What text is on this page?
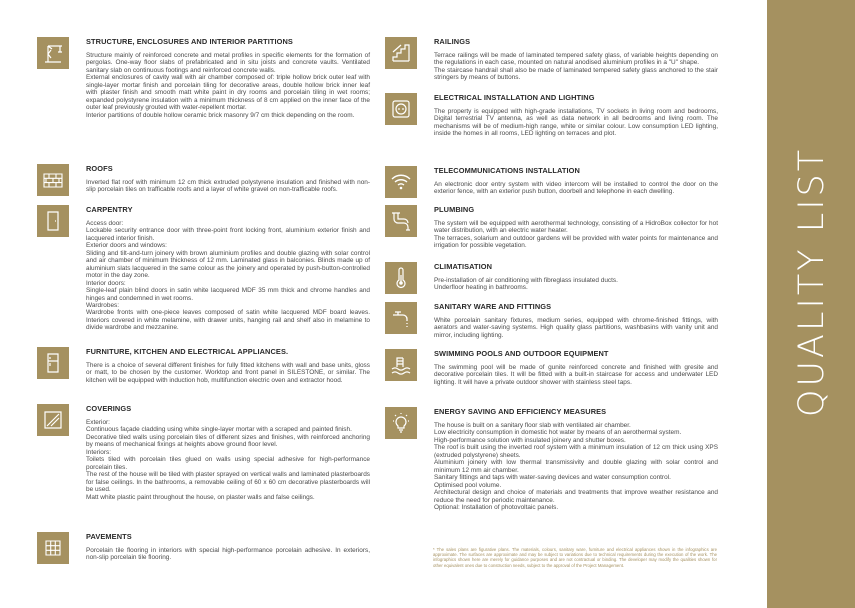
QUALITY LIST
STRUCTURE, ENCLOSURES AND INTERIOR PARTITIONS

Structure mainly of reinforced concrete and metal profiles in specific elements for the formation of pergolas. One-way floor slabs of prefabricated and in situ joists and concrete vaults. Ventilated sanitary slab on continuous footings and reinforced concrete walls.

External enclosures of cavity wall with air chamber composed of: triple hollow brick outer leaf with single-layer mortar finish and porcelain tiling for decorative areas, double hollow brick inner leaf with plaster finish and smooth matt white paint in dry rooms and porcelain tiling in wet rooms; expanded polystyrene insulation with a minimum thickness of 8 cm applied on the inner face of the outer leaf previously grouted with water-repellent mortar.

Interior partitions of double hollow ceramic brick masonry 9/7 cm thick depending on the room.

ROOFS

Inverted flat roof with minimum 12 cm thick extruded polystyrene insulation and finished with non-slip porcelain tiles on trafficable roofs and a layer of white gravel on non-trafficable roofs.

CARPENTRY

Access door:

Lockable security entrance door with three-point front locking front, aluminium exterior finish and lacquered interior finish.

Exterior doors and windows:

Sliding and tilt-and-turn joinery with brown aluminium profiles and double glazing with solar control and air chamber of minimum thickness of 12 mm. Laminated glass in balconies. Blinds made up of aluminium slats lacquered in the same colour as the joinery and operated by push-button-controlled motor in the day zone.

Interior doors:

Single-leaf plain blind doors in satin white lacquered MDF 35 mm thick and chrome handles and hinges and condemned in wet rooms.

Wardrobes:

Wardrobe fronts with one-piece leaves composed of satin white lacquered MDF board leaves. Interiors covered in white melamine, with drawer units, hanging rail and shelf also in melamine to divide wardrobe and mezzanine.

FURNITURE, KITCHEN AND ELECTRICAL APPLIANCES.

There is a choice of several different finishes for fully fitted kitchens with wall and base units, gloss or matt, to be chosen by the customer. Worktop and front panel in SILESTONE, or similar. The kitchen will be equipped with induction hob, multifunction electric oven and extractor hood.

COVERINGS

Exterior:

Continuous façade cladding using white single-layer mortar with a scraped and painted finish.

Decorative tiled walls using porcelain tiles of different sizes and finishes, with reinforced anchoring by means of mechanical fixings at heights above ground floor level.

Interiors:

Toilets tiled with porcelain tiles glued on walls using special adhesive for high-performance porcelain tiles.

The rest of the house will be tiled with plaster sprayed on vertical walls and laminated plasterboards for false ceilings. In the bathrooms, a removable ceiling of 60 x 60 cm decorative plasterboards will be used.

Matt white plastic paint throughout the house, on plaster walls and false ceilings.

PAVEMENTS

Porcelain tile flooring in interiors with special high-performance porcelain adhesive. In exteriors, non-slip porcelain tile flooring.

RAILINGS

Terrace railings will be made of laminated tempered safety glass, of variable heights depending on the regulations in each case, mounted on natural anodised aluminium profiles in a "U" shape.

The staircase handrail shall also be made of laminated tempered safety glass anchored to the stair stringers by means of buttons.

ELECTRICAL INSTALLATION AND LIGHTING

The property is equipped with high-grade installations, TV sockets in living room and bedrooms, Digital terrestrial TV antenna, as well as data network in all bedrooms and living room. The mechanisms will be of medium-high range, white or similar colour. Low consumption LED lighting, inside the homes in all rooms, LED lighting on terraces and plot.

TELECOMMUNICATIONS INSTALLATION

An electronic door entry system with video intercom will be installed to control the door on the exterior fence, with an exterior push button, doorbell and telephone in each dwelling.

PLUMBING

The system will be equipped with aerothermal technology, consisting of a HidroBox collector for hot water distribution, with an electric water heater.

The terraces, solarium and outdoor gardens will be provided with water points for maintenance and irrigation for possible vegetation.

CLIMATISATION

Pre-installation of air conditioning with fibreglass insulated ducts.

Underfloor heating in bathrooms.

SANITARY WARE AND FITTINGS

White porcelain sanitary fixtures, medium series, equipped with chrome-finished fittings, with aerators and water-saving systems. High quality glass partitions, washbasins with vanity unit and mirror, including lighting.

SWIMMING POOLS AND OUTDOOR EQUIPMENT

The swimming pool will be made of gunite reinforced concrete and finished with gresite and decorative porcelain tiles. It will be fitted with a built-in staircase for access and underwater LED lighting. It will have a private outdoor shower with stainless steel taps.

ENERGY SAVING AND EFFICIENCY MEASURES

The house is built on a sanitary floor slab with ventilated air chamber.

Low electricity consumption in domestic hot water by means of an aerothermal system.

High-performance solution with insulated joinery and shutter boxes.

The roof is built using the inverted roof system with a minimum insulation of 12 cm thick using XPS (extruded polystyrene) sheets.

Aluminium joinery with low thermal transmissivity and double glazing with solar control and minimum 12 mm air chamber.

Sanitary fittings and taps with water-saving devices and water consumption control.

Optimised pool volume.

Architectural design and choice of materials and treatments that improve weather resistance and reduce the need for periodic maintenance.

Optional: Installation of photovoltaic panels.

* The sales plans are figurative plans. The materials, colours, sanitary ware, furniture and electrical appliances shown in the infographics are approximate. The surfaces are approximate and may be subject to variations due to technical requirements during the execution of the work. The infographics shown here are merely for guidance purposes and are not contractual or binding. The developer may modify the qualities shown for other equivalent ones due to construction needs, subject to the approval of the Project Management.
